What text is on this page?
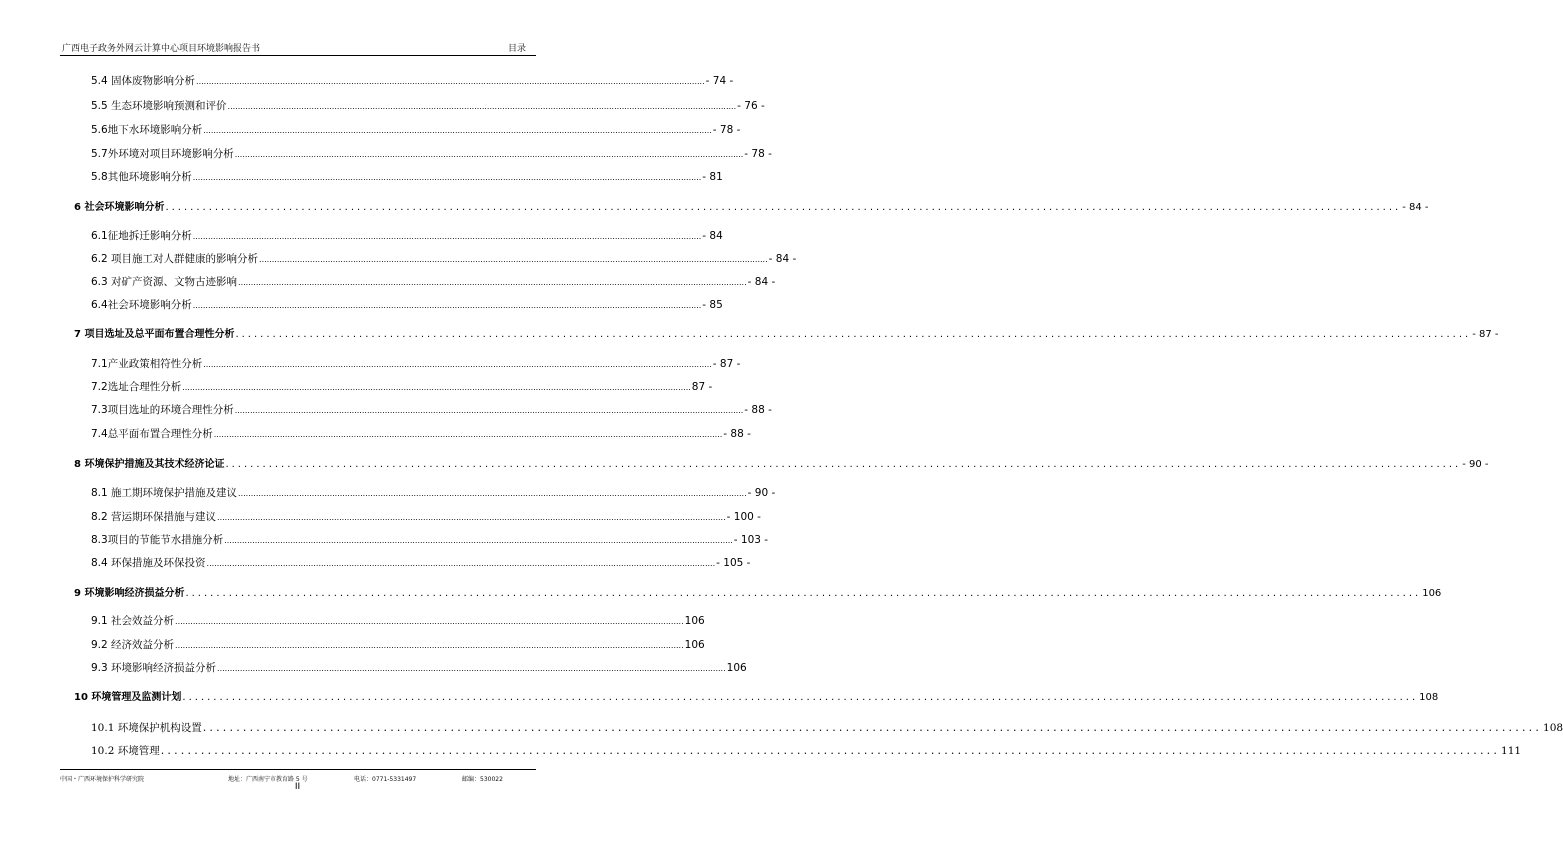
广西电子政务外网云计算中心项目环境影响报告书	目录
5.4 固体废物影响分析 ........................................................................................................................................................................................................ - 74 -
5.5 生态环境影响预测和评价 ........................................................................................................................................................................................................ - 76 -
5.6地下水环境影响分析 ........................................................................................................................................................................................................ - 78 -
5.7外环境对项目环境影响分析 ........................................................................................................................................................................................................ - 78 -
5.8其他环境影响分析 ........................................................................................................................................................................................................ - 81
6 社会环境影响分析 ........................................................................................................................................................................................................ - 84 -
6.1征地拆迁影响分析 ........................................................................................................................................................................................................ - 84
6.2 项目施工对人群健康的影响分析 ........................................................................................................................................................................................................ - 84 -
6.3 对矿产资源、文物古迹影响 ........................................................................................................................................................................................................ - 84 -
6.4社会环境影响分析 ........................................................................................................................................................................................................ - 85
7 项目选址及总平面布置合理性分析 ........................................................................................................................................................................................................ - 87 -
7.1产业政策相符性分析 ........................................................................................................................................................................................................ - 87 -
7.2选址合理性分析 ........................................................................................................................................................................................................ 87 -
7.3项目选址的环境合理性分析 ........................................................................................................................................................................................................ - 88 -
7.4总平面布置合理性分析 ........................................................................................................................................................................................................ - 88 -
8 环境保护措施及其技术经济论证 ........................................................................................................................................................................................................ - 90 -
8.1 施工期环境保护措施及建议 ........................................................................................................................................................................................................ - 90 -
8.2 营运期环保措施与建议 ........................................................................................................................................................................................................ - 100 -
8.3项目的节能节水措施分析 ........................................................................................................................................................................................................ - 103 -
8.4 环保措施及环保投资 ........................................................................................................................................................................................................ - 105 -
9 环境影响经济损益分析 ........................................................................................................................................................................................................ 106
9.1 社会效益分析 ........................................................................................................................................................................................................ 106
9.2 经济效益分析 ........................................................................................................................................................................................................ 106
9.3 环境影响经济损益分析 ........................................................................................................................................................................................................ 106
10 环境管理及监测计划 ........................................................................................................................................................................................................ 108
10.1 环境保护机构设置 ........................................................................................................................................................................................................ 108
10.2 环境管理 ........................................................................................................................................................................................................ 111
中国・广西环境保护科学研究院	地址：广西南宁市教育路 5 号	电话：0771-5331497	邮编：530022
II
